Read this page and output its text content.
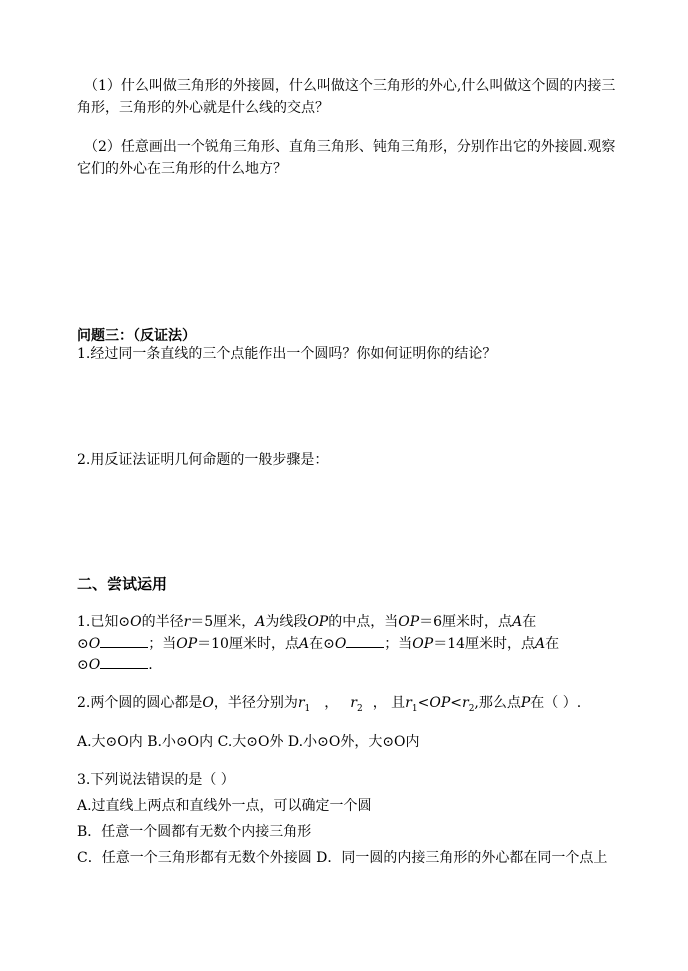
（1）什么叫做三角形的外接圆，什么叫做这个三角形的外心,什么叫做这个圆的内接三
角形，三角形的外心就是什么线的交点？
（2）任意画出一个锐角三角形、直角三角形、钝角三角形，分别作出它的外接圆.观察
它们的外心在三角形的什么地方？
问题三：（反证法）
1.经过同一条直线的三个点能作出一个圆吗？你如何证明你的结论？
2.用反证法证明几何命题的一般步骤是：
二、尝试运用
1.已知⊙O的半径r＝5厘米，A为线段OP的中点，当OP＝6厘米时，点A在
⊙O	；当OP＝10厘米时，点A在⊙O	；当OP＝14厘米时，点A在
⊙O	.
2.两个圆的圆心都是O，半径分别为$r_1$ ， $r_2$ ， 且$r_1<OP<r_2$,那么点P在（ ）.
A.大⊙O内 B.小⊙O内 C.大⊙O外 D.小⊙O外，大⊙O内
3.下列说法错误的是（ ）
A.过直线上两点和直线外一点，可以确定一个圆
B．任意一个圆都有无数个内接三角形
C．任意一个三角形都有无数个外接圆 D．同一圆的内接三角形的外心都在同一个点上
